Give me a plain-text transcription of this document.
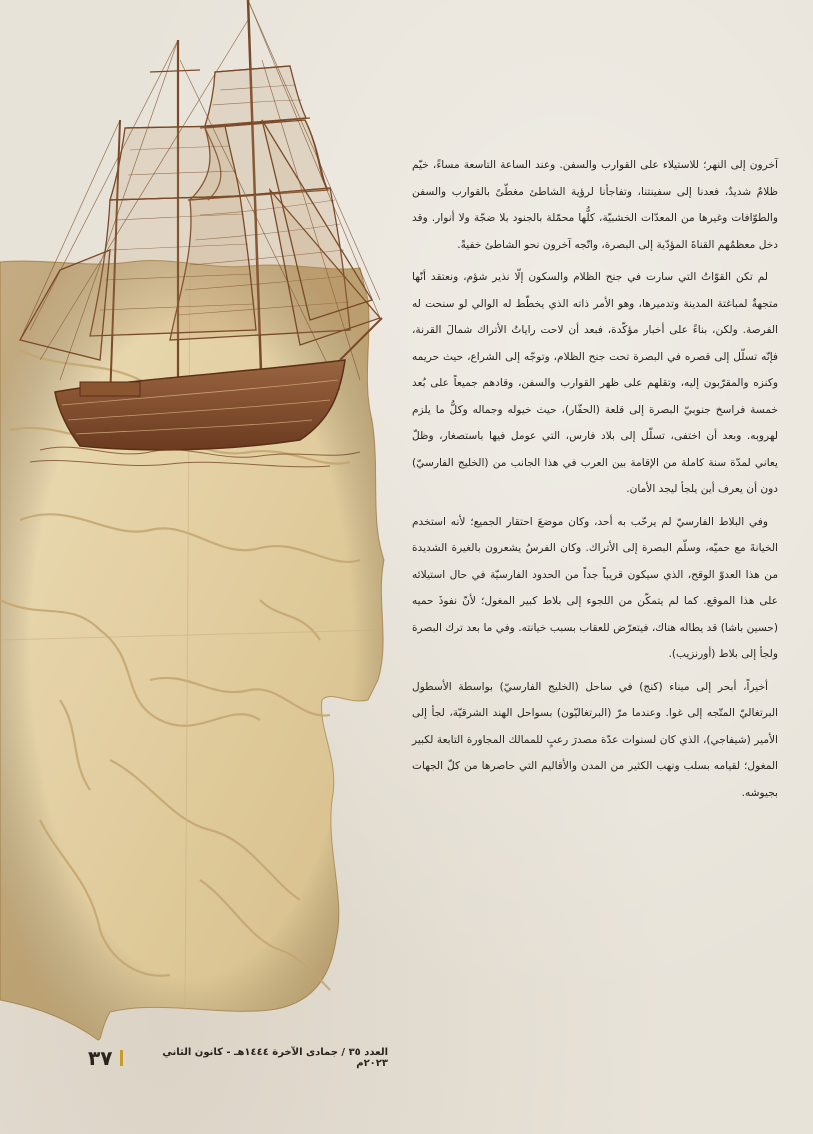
آخرون إلى النهر؛ للاستيلاء على القوارب والسفن. وعند الساعة التاسعة مساءً، خيّم ظلامٌ شديدٌ، فعدنا إلى سفينتنا، وتفاجأنا لرؤية الشاطئ مغطّىً بالقوارب والسفن والطوّافات وغيرها من المعدّات الخشبيّة، كلُّها محمّلة بالجنود بلا ضجّة ولا أنوار. وقد دخل معظمُهم القناةَ المؤدّية إلى البصرة، واتّجه آخرون نحو الشاطئ خفيةً.

لم تكن القوّاتُ التي سارت في جنح الظلام والسكون إلّا نذير شؤم، ونعتقد أنّها متجهةٌ لمباغتة المدينة وتدميرها، وهو الأمر ذاته الذي يخطّط له الوالي لو سنحت له الفرصة. ولكن، بناءً على أخبار مؤكّدة، فبعد أن لاحت راياتُ الأتراك شمالَ القرنة، فإنّه تسلّل إلى قصره في البصرة تحت جنح الظلام، وتوجّه إلى الشراع، حيث حريمه وكنزه والمقرّبون إليه، وتقلهم على ظهر القوارب والسفن، وقادهم جميعاً على بُعد خمسة فراسخ جنوبيّ البصرة إلى قلعة (الحفّار)، حيث خيوله وجماله وكلُّ ما يلزم لهروبه. وبعد أن اختفى، تسلّل إلى بلاد فارس، التي عومل فيها باستصغار، وظلّ يعاني لمدّة سنة كاملة من الإقامة بين العرب في هذا الجانب من (الخليج الفارسيّ) دون أن يعرف أين يلجأ ليجد الأمان.

وفي البلاط الفارسيّ لم يرحّب به أحد، وكان موضعَ احتقار الجميع؛ لأنه استخدم الخيانةَ مع حميّه، وسلّم البصرة إلى الأتراك. وكان الفرسُ يشعرون بالغيرة الشديدة من هذا العدوّ الوقح، الذي سيكون قريباً جداً من الحدود الفارسيّة في حال استيلائه على هذا الموقع. كما لم يتمكّن من اللجوء إلى بلاط كبير المغول؛ لأنّ نفوذَ حميه (حسين باشا) قد يطاله هناك، فيتعرّض للعقاب بسبب خيانته. وفي ما بعد ترك البصرة ولجأ إلى بلاط (أورنزيب).

أخيراً، أبحر إلى ميناء (كنج) في ساحل (الخليج الفارسيّ) بواسطة الأسطول البرتغاليّ المتّجه إلى غوا. وعندما مرّ (البرتغاليّون) بسواحل الهند الشرقيّة، لجأ إلى الأمير (شيفاجي)، الذي كان لسنوات عدّة مصدرَ رعبٍ للممالك المجاورة التابعة لكبير المغول؛ لقيامه بسلب ونهب الكثير من المدن والأقاليم التي حاصرها من كلّ الجهات بجيوشه.

العدد ٣٥ / جمادى الآخرة ١٤٤٤هـ - كانون الثاني ٢٠٢٣م
٣٧
